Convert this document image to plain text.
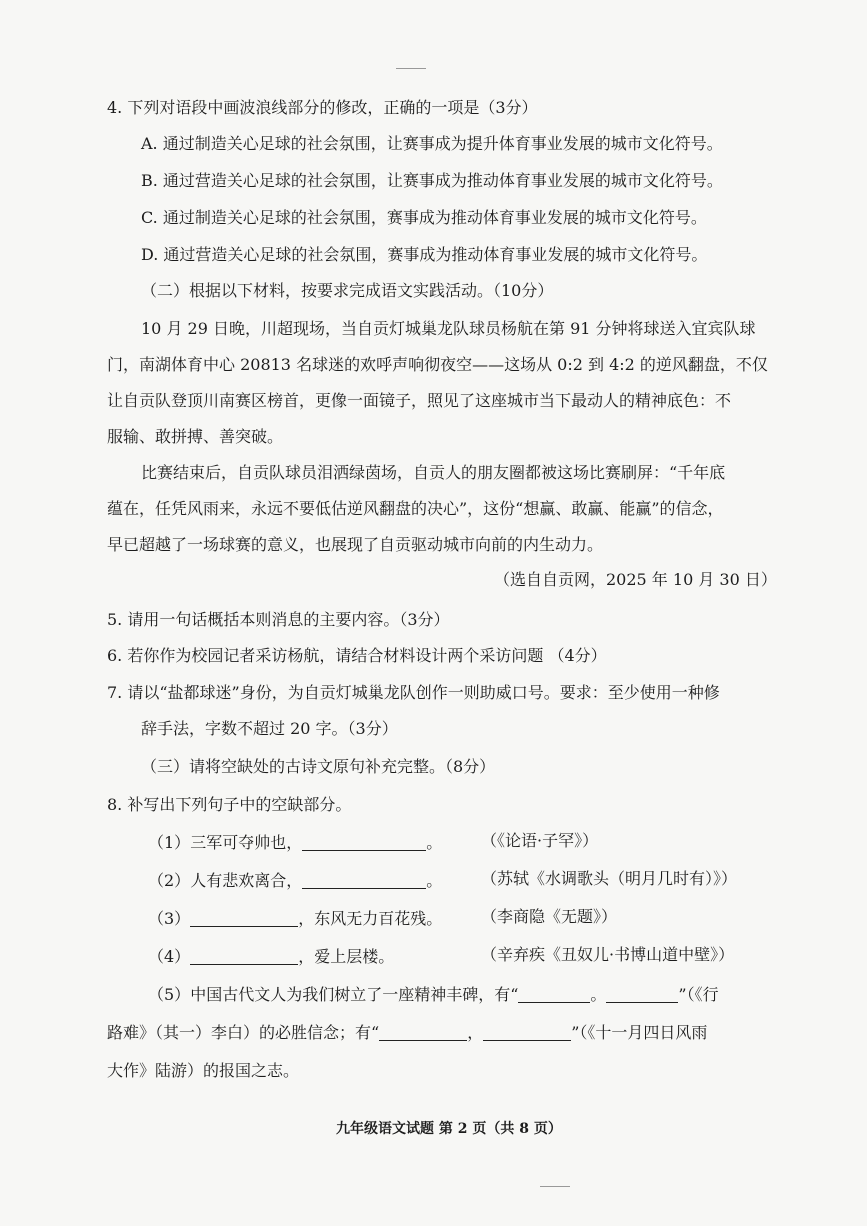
4. 下列对语段中画波浪线部分的修改，正确的一项是（3分）
A. 通过制造关心足球的社会氛围，让赛事成为提升体育事业发展的城市文化符号。
B. 通过营造关心足球的社会氛围，让赛事成为推动体育事业发展的城市文化符号。
C. 通过制造关心足球的社会氛围，赛事成为推动体育事业发展的城市文化符号。
D. 通过营造关心足球的社会氛围，赛事成为推动体育事业发展的城市文化符号。
（二）根据以下材料，按要求完成语文实践活动。（10分）
10 月 29 日晚，川超现场，当自贡灯城巢龙队球员杨航在第 91 分钟将球送入宜宾队球
门，南湖体育中心 20813 名球迷的欢呼声响彻夜空——这场从 0:2 到 4:2 的逆风翻盘，不仅
让自贡队登顶川南赛区榜首，更像一面镜子，照见了这座城市当下最动人的精神底色：不
服输、敢拼搏、善突破。
比赛结束后，自贡队球员泪洒绿茵场，自贡人的朋友圈都被这场比赛刷屏：“千年底
蕴在，任凭风雨来，永远不要低估逆风翻盘的决心”，这份“想赢、敢赢、能赢”的信念，
早已超越了一场球赛的意义，也展现了自贡驱动城市向前的内生动力。
（选自自贡网，2025 年 10 月 30 日）
5. 请用一句话概括本则消息的主要内容。（3分）
6. 若你作为校园记者采访杨航，请结合材料设计两个采访问题 （4分）
7. 请以“盐都球迷”身份，为自贡灯城巢龙队创作一则助威口号。要求：至少使用一种修
辞手法，字数不超过 20 字。（3分）
（三）请将空缺处的古诗文原句补充完整。（8分）
8. 补写出下列句子中的空缺部分。
（1）三军可夺帅也，	。 （《论语·子罕》）
（2）人有悲欢离合，	。 （苏轼《水调歌头（明月几时有）》）
（3）	，东风无力百花残。 （李商隐《无题》）
（4）	，爱上层楼。	（辛弃疾《丑奴儿·书博山道中壁》）
（5）中国古代文人为我们树立了一座精神丰碑，有“	。	”（《行
路难》（其一）李白）的必胜信念；有“	，	”（《十一月四日风雨
大作》陆游）的报国之志。
九年级语文试题 第 2 页（共 8 页）
